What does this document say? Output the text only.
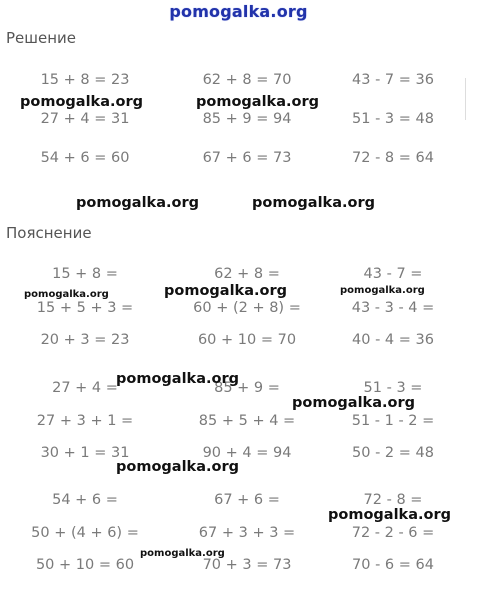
pomogalka.org
Решение
15 + 8 = 23	62 + 8 = 70	43 - 7 = 36
27 + 4 = 31	85 + 9 = 94	51 - 3 = 48
54 + 6 = 60	67 + 6 = 73	72 - 8 = 64
Пояснение
15 + 8 =	62 + 8 =	43 - 7 =
15 + 5 + 3 =	60 + (2 + 8) =	43 - 3 - 4 =
20 + 3 = 23	60 + 10 = 70	40 - 4 = 36
27 + 4 =	85 + 9 =	51 - 3 =
27 + 3 + 1 =	85 + 5 + 4 =	51 - 1 - 2 =
30 + 1 = 31	90 + 4 = 94	50 - 2 = 48
54 + 6 =	67 + 6 =	72 - 8 =
50 + (4 + 6) =	67 + 3 + 3 =	72 - 2 - 6 =
50 + 10 = 60	70 + 3 = 73	70 - 6 = 64
pomogalka.org	pomogalka.org
pomogalka.org	pomogalka.org
pomogalka.org	pomogalka.org	pomogalka.org
pomogalka.org
pomogalka.org
pomogalka.org
pomogalka.org
pomogalka.org
